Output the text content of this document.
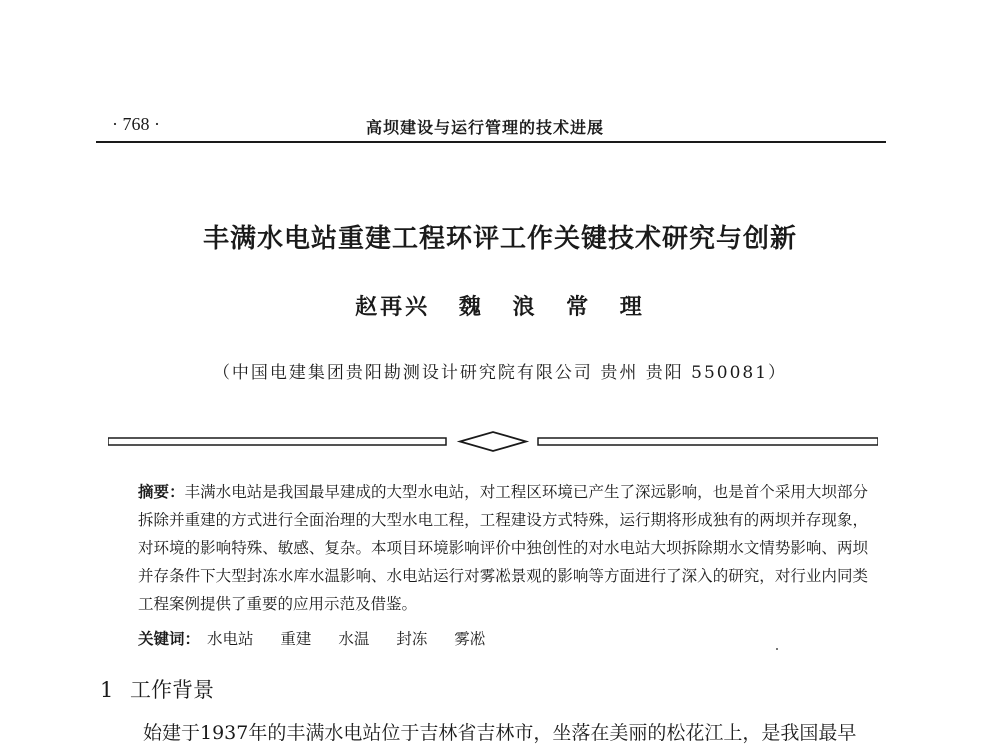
· 768 ·	高坝建设与运行管理的技术进展
丰满水电站重建工程环评工作关键技术研究与创新
赵再兴 魏 浪 常 理
（中国电建集团贵阳勘测设计研究院有限公司 贵州 贵阳 550081）
摘要：丰满水电站是我国最早建成的大型水电站，对工程区环境已产生了深远影响，也是首个采用大坝部分拆除并重建的方式进行全面治理的大型水电工程，工程建设方式特殊，运行期将形成独有的两坝并存现象，对环境的影响特殊、敏感、复杂。本项目环境影响评价中独创性的对水电站大坝拆除期水文情势影响、两坝并存条件下大型封冻水库水温影响、水电站运行对雾凇景观的影响等方面进行了深入的研究，对行业内同类工程案例提供了重要的应用示范及借鉴。
关键词： 水电站 重建 水温 封冻 雾凇
1 工作背景
始建于1937年的丰满水电站位于吉林省吉林市，坐落在美丽的松花江上，是我国最早
